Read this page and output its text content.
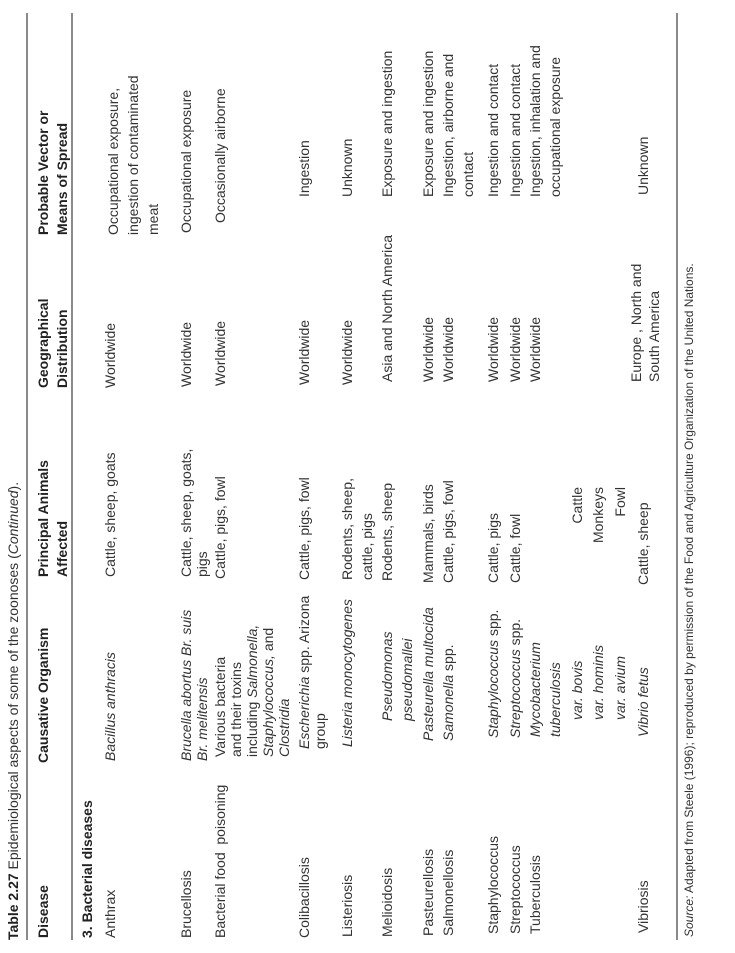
Table 2.27 Epidemiological aspects of some of the zoonoses (Continued).
Disease
Causative Organism
Principal Animals Affected
Geographical Distribution
Probable Vector or Means of Spread
3. Bacterial diseases Anthrax
Bacillus anthracis
Cattle, sheep, goats
Worldwide
Occupational exposure, ingestion of contaminated meat
Brucellosis
Brucella abortus Br. suis Br. melitensis
Cattle, sheep, goats, pigs
Worldwide
Occupational exposure
Bacterial food  poisoning
Various bacteria and their toxins including Salmonella, Staphylococcus, and
Clostridia
Cattle, pigs, fowl
Worldwide
Occasionally airborne
Colibacillosis
Escherichia spp. Arizona
group
Cattle, pigs, fowl
Worldwide
Ingestion
Listeriosis
Listeria monocytogenes
Rodents, sheep, cattle, pigs
Worldwide
Unknown
Melioidosis
Pseudomonas pseudomallei
Rodents, sheep
Asia and North America
Exposure and ingestion
Pasteurellosis
Pasteurella multocida
Mammals, birds
Worldwide
Exposure and ingestion
Salmonellosis
Samonella spp.
Cattle, pigs, fowl
Worldwide
Ingestion, airborne and contact
Staphylococcus
Staphylococcus spp.
Cattle, pigs
Worldwide
Ingestion and contact
Streptococcus
Streptococcus spp.
Cattle, fowl
Worldwide
Ingestion and contact
Tuberculosis
Mycobacterium tuberculosis
Worldwide
Ingestion, inhalation and occupational exposure
var. bovis
Cattle
var. hominis
Monkeys
var. avium
Fowl
Vibriosis
Vibrio fetus
Cattle, sheep
Europe , North and South America
Unknown
Source: Adapted from Steele (1996); reproduced by permission of the Food and Agriculture Organization of the United Nations.
